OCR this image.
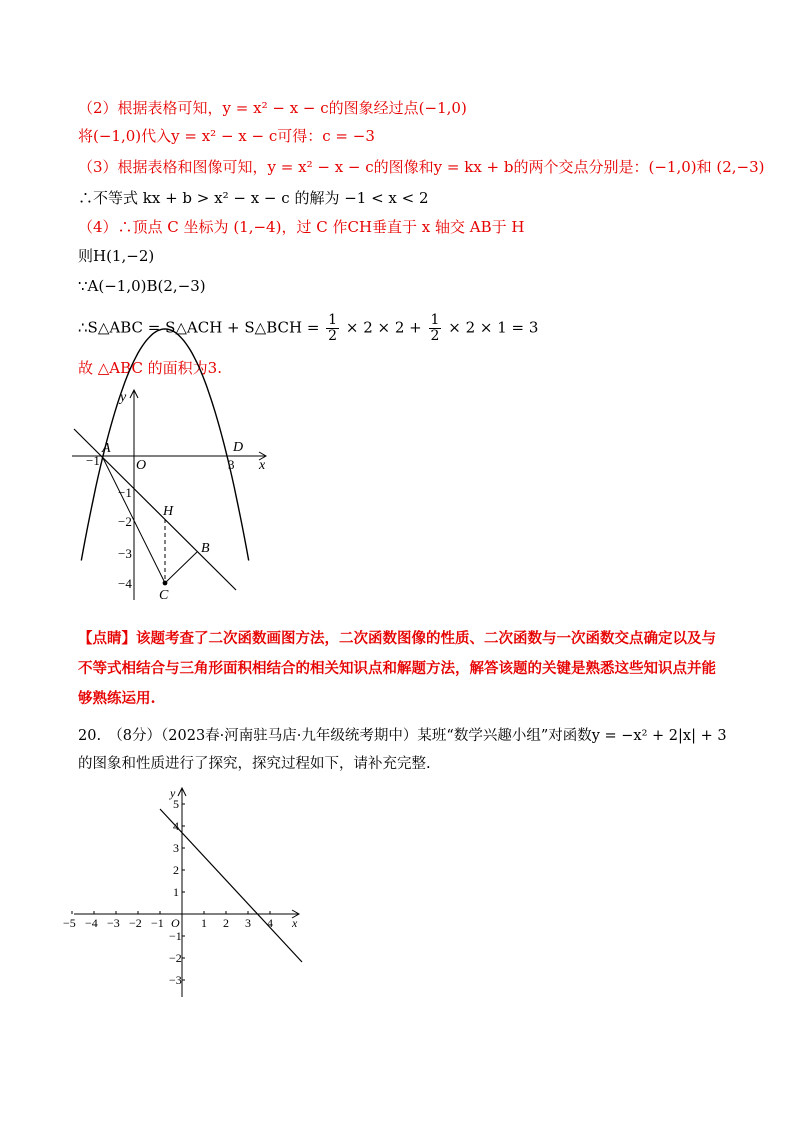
（2）根据表格可知，y = x² − x − c的图象经过点(−1,0)
将(−1,0)代入y = x² − x − c可得：c = −3
（3）根据表格和图像可知，y = x² − x − c的图像和y = kx + b的两个交点分别是：(−1,0)和 (2,−3)
∴不等式 kx + b > x² − x − c 的解为 −1 < x < 2
（4）∴顶点 C 坐标为 (1,−4)，过 C 作CH垂直于 x 轴交 AB于 H
则H(1,−2)
∵A(−1,0)B(2,−3)
∴S△ABC = S△ACH + S△BCH = $\frac{1}{2} \times 2 \times 2 + \frac{1}{2} \times 2 \times 1 = 3$
故 △ABC 的面积为3.
y
x
O
A	D
H
B
C
−1	3
−1
−2
−3
−4
【点睛】该题考查了二次函数画图方法，二次函数图像的性质、二次函数与一次函数交点确定以及与不等式相结合与三角形面积相结合的相关知识点和解题方法，解答该题的关键是熟悉这些知识点并能够熟练运用.
20.　（8分）（2023春·河南驻马店·九年级统考期中）某班“数学兴趣小组”对函数y = −x² + 2|x| + 3的图象和性质进行了探究，探究过程如下，请补充完整.
y
x
O
−5 −4 −3 −2 −1	1 2 3 4
5
4
3
2
1
−1
−2
−3
